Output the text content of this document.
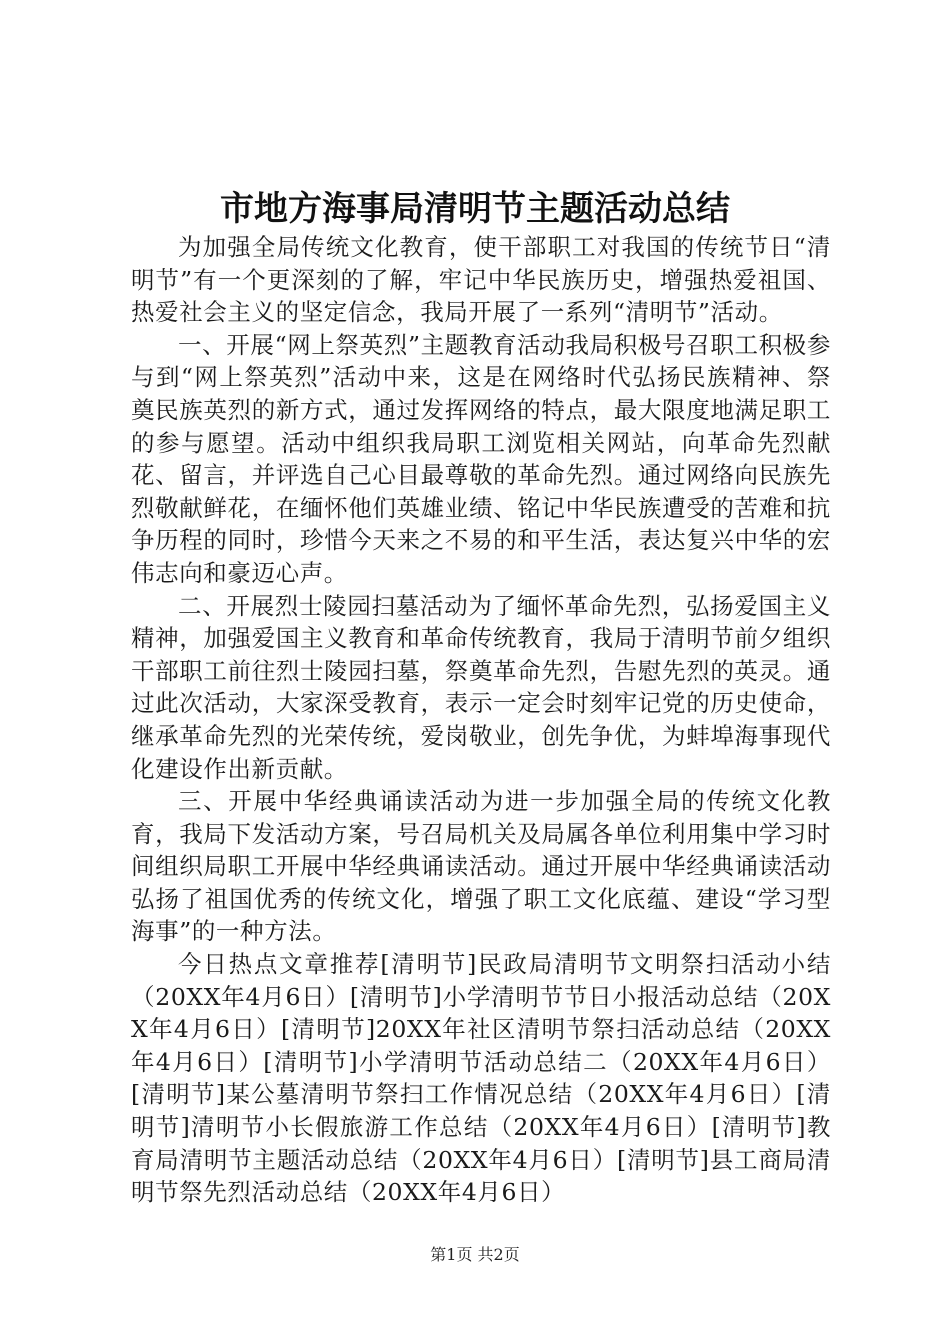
市地方海事局清明节主题活动总结

为加强全局传统文化教育，使干部职工对我国的传统节日“清明节”有一个更深刻的了解，牢记中华民族历史，增强热爱祖国、热爱社会主义的坚定信念，我局开展了一系列“清明节”活动。

一、开展“网上祭英烈”主题教育活动我局积极号召职工积极参与到“网上祭英烈”活动中来，这是在网络时代弘扬民族精神、祭奠民族英烈的新方式，通过发挥网络的特点，最大限度地满足职工的参与愿望。活动中组织我局职工浏览相关网站，向革命先烈献花、留言，并评选自己心目最尊敬的革命先烈。通过网络向民族先烈敬献鲜花，在缅怀他们英雄业绩、铭记中华民族遭受的苦难和抗争历程的同时，珍惜今天来之不易的和平生活，表达复兴中华的宏伟志向和豪迈心声。

二、开展烈士陵园扫墓活动为了缅怀革命先烈，弘扬爱国主义精神，加强爱国主义教育和革命传统教育，我局于清明节前夕组织干部职工前往烈士陵园扫墓，祭奠革命先烈，告慰先烈的英灵。通过此次活动，大家深受教育，表示一定会时刻牢记党的历史使命，继承革命先烈的光荣传统，爱岗敬业，创先争优，为蚌埠海事现代化建设作出新贡献。

三、开展中华经典诵读活动为进一步加强全局的传统文化教育，我局下发活动方案，号召局机关及局属各单位利用集中学习时间组织局职工开展中华经典诵读活动。通过开展中华经典诵读活动弘扬了祖国优秀的传统文化，增强了职工文化底蕴、建设“学习型海事”的一种方法。

今日热点文章推荐[清明节]民政局清明节文明祭扫活动小结（20XX年4月6日）[清明节]小学清明节节日小报活动总结（20XX年4月6日）[清明节]20XX年社区清明节祭扫活动总结（20XX年4月6日）[清明节]小学清明节活动总结二（20XX年4月6日）[清明节]某公墓清明节祭扫工作情况总结（20XX年4月6日）[清明节]清明节小长假旅游工作总结（20XX年4月6日）[清明节]教育局清明节主题活动总结（20XX年4月6日）[清明节]县工商局清明节祭先烈活动总结（20XX年4月6日）

第1页 共2页
